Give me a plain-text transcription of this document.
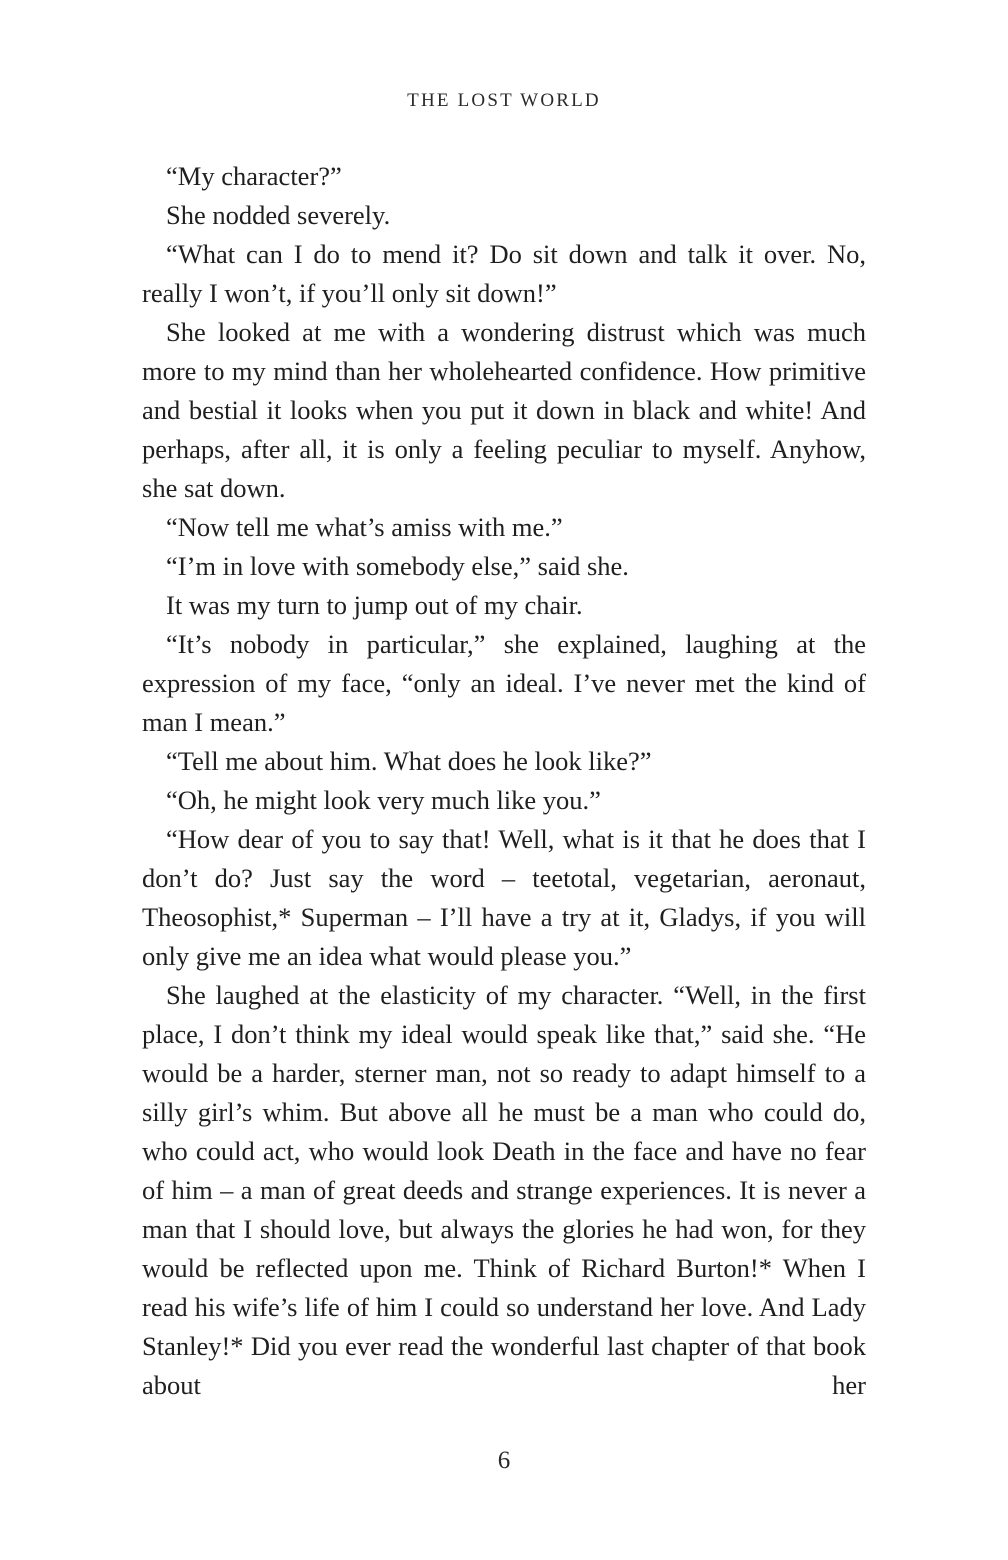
THE LOST WORLD

“My character?”

She nodded severely.

“What can I do to mend it? Do sit down and talk it over. No, really I won’t, if you’ll only sit down!”

She looked at me with a wondering distrust which was much more to my mind than her wholehearted confidence. How primitive and bestial it looks when you put it down in black and white! And perhaps, after all, it is only a feeling peculiar to myself. Anyhow, she sat down.

“Now tell me what’s amiss with me.”

“I’m in love with somebody else,” said she.

It was my turn to jump out of my chair.

“It’s nobody in particular,” she explained, laughing at the expression of my face, “only an ideal. I’ve never met the kind of man I mean.”

“Tell me about him. What does he look like?”

“Oh, he might look very much like you.”

“How dear of you to say that! Well, what is it that he does that I don’t do? Just say the word – teetotal, vegetarian, aeronaut, Theosophist,* Superman – I’ll have a try at it, Gladys, if you will only give me an idea what would please you.”

She laughed at the elasticity of my character. “Well, in the first place, I don’t think my ideal would speak like that,” said she. “He would be a harder, sterner man, not so ready to adapt himself to a silly girl’s whim. But above all he must be a man who could do, who could act, who would look Death in the face and have no fear of him – a man of great deeds and strange experiences. It is never a man that I should love, but always the glories he had won, for they would be reflected upon me. Think of Richard Burton!* When I read his wife’s life of him I could so understand her love. And Lady Stanley!* Did you ever read the wonderful last chapter of that book about her

6
